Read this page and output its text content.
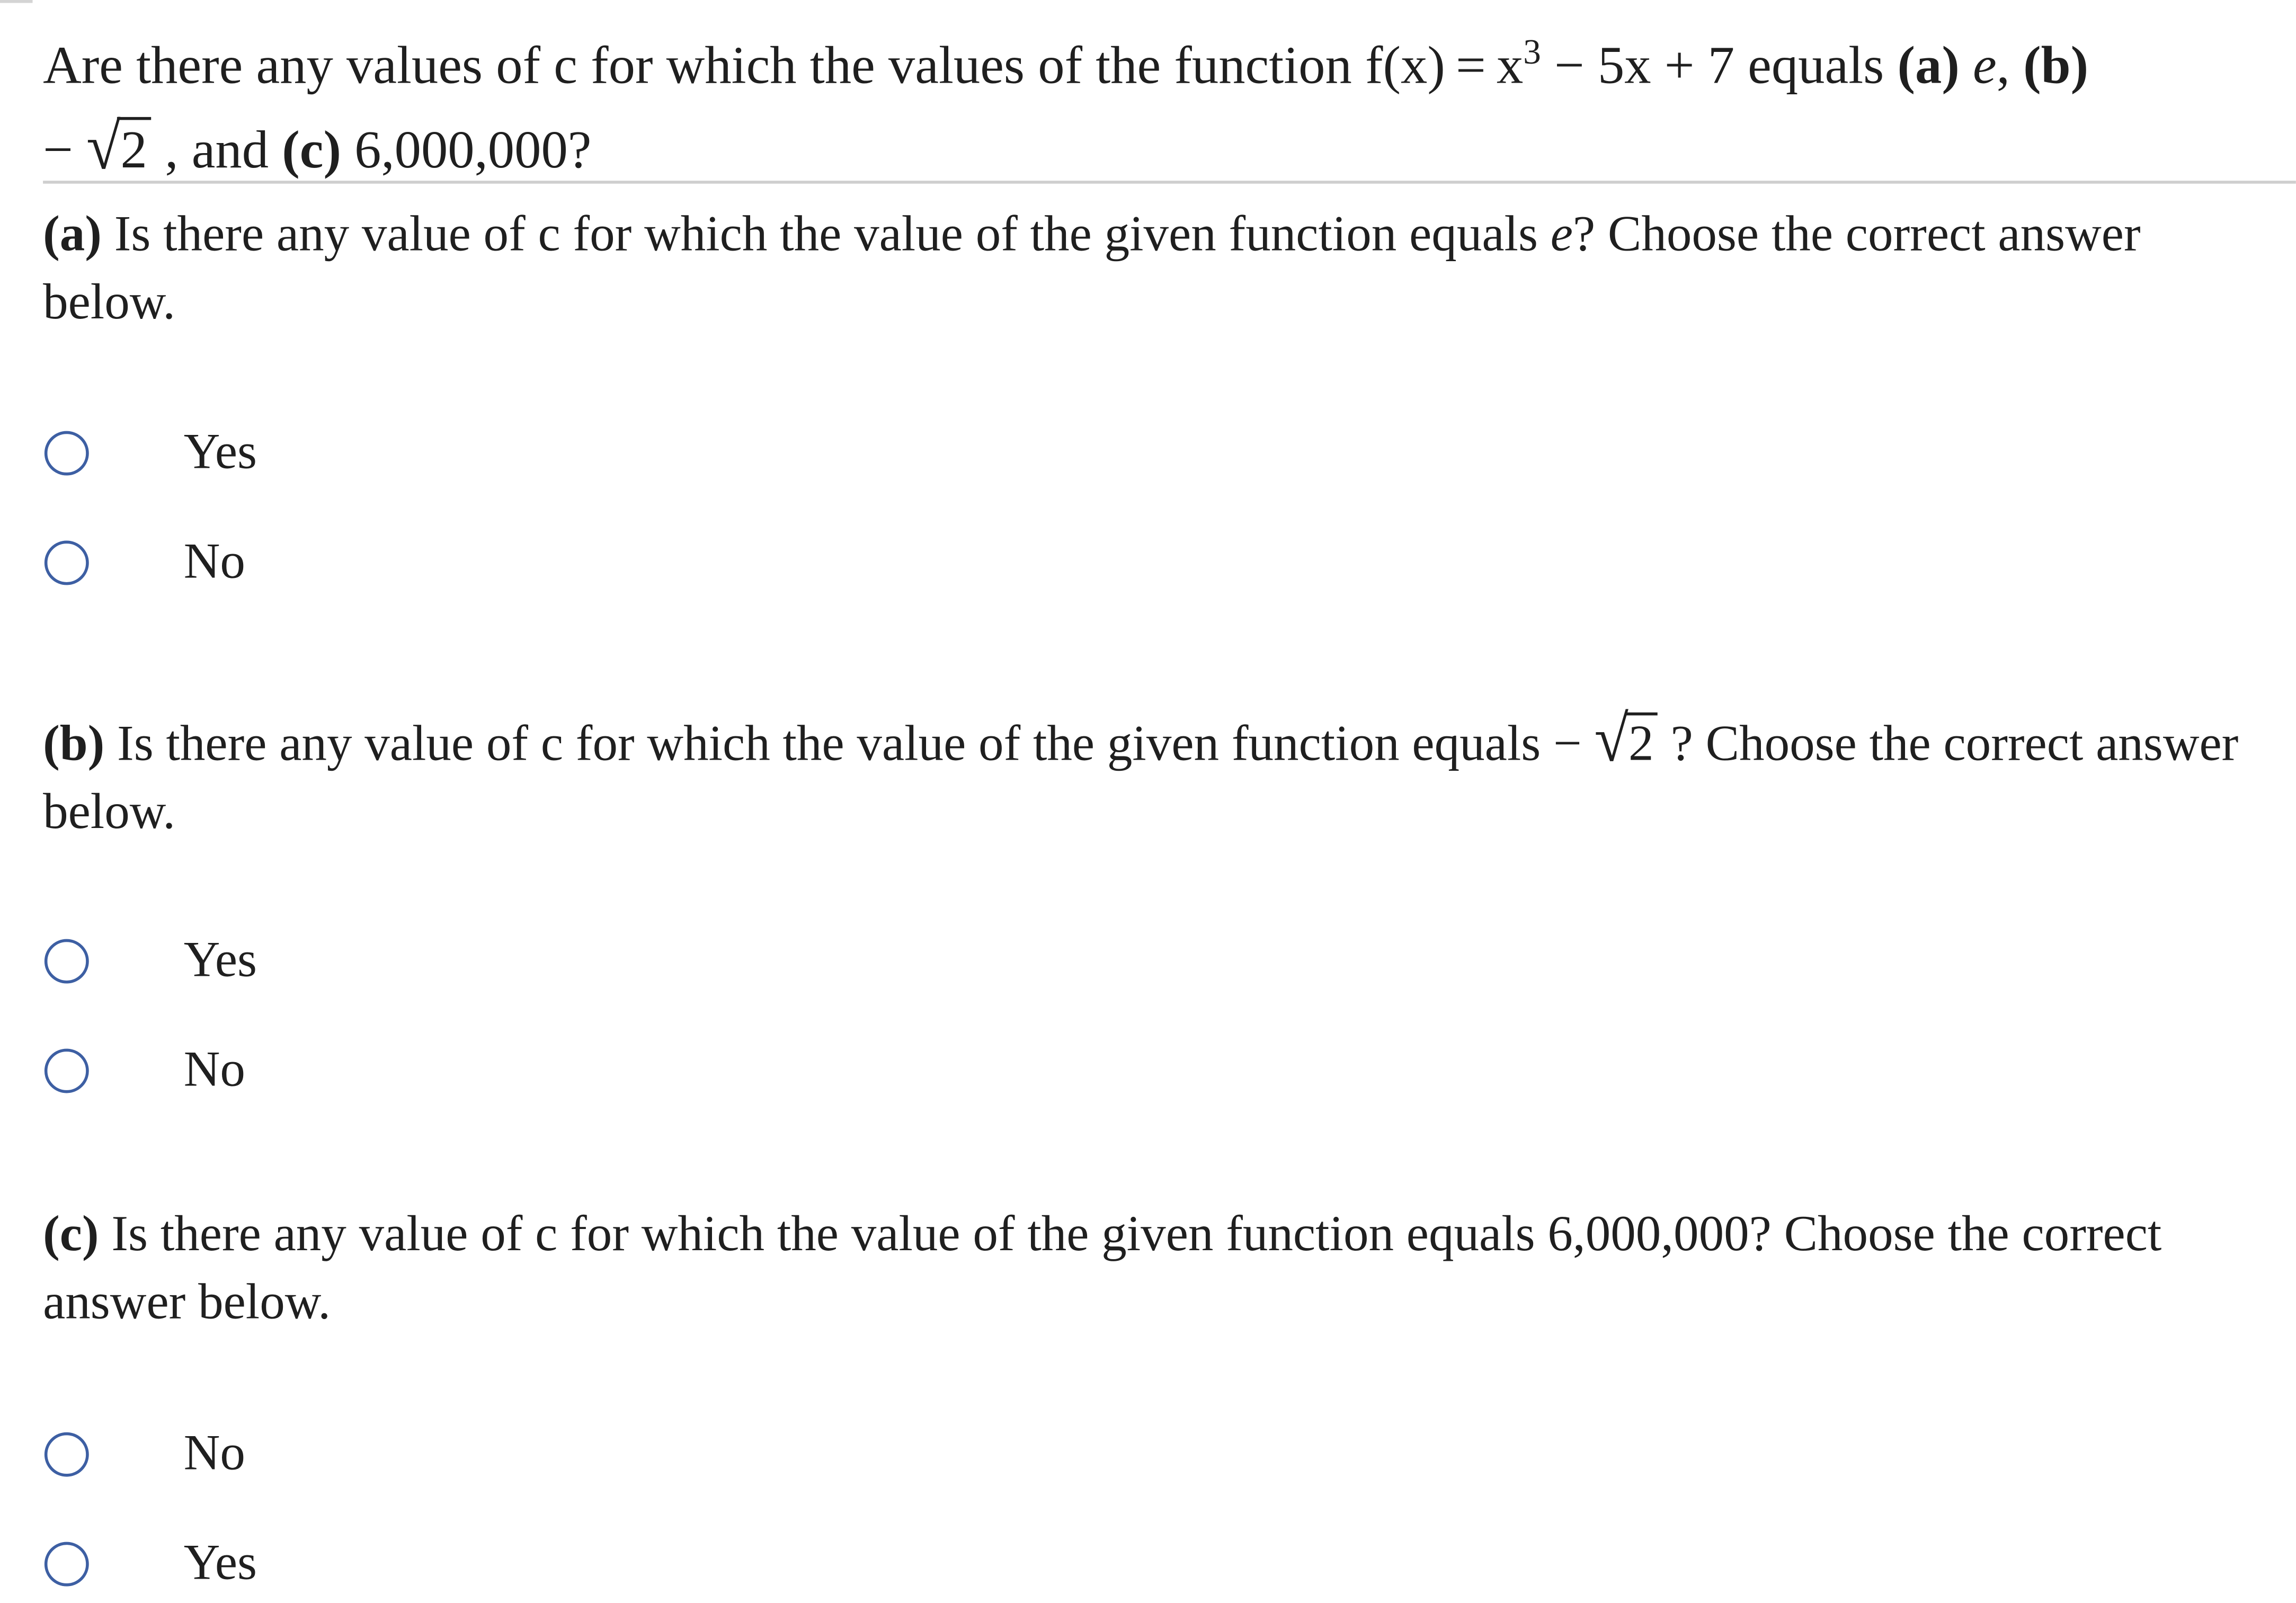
Are there any values of c for which the values of the function $f(x) = x^3 - 5x + 7$ equals (a) e, (b)
− √2 , and (c) 6,000,000?
(a) Is there any value of c for which the value of the given function equals e? Choose the correct answer below.
Yes
No
(b) Is there any value of c for which the value of the given function equals − √2 ? Choose the correct answer below.
Yes
No
(c) Is there any value of c for which the value of the given function equals 6,000,000? Choose the correct answer below.
No
Yes
